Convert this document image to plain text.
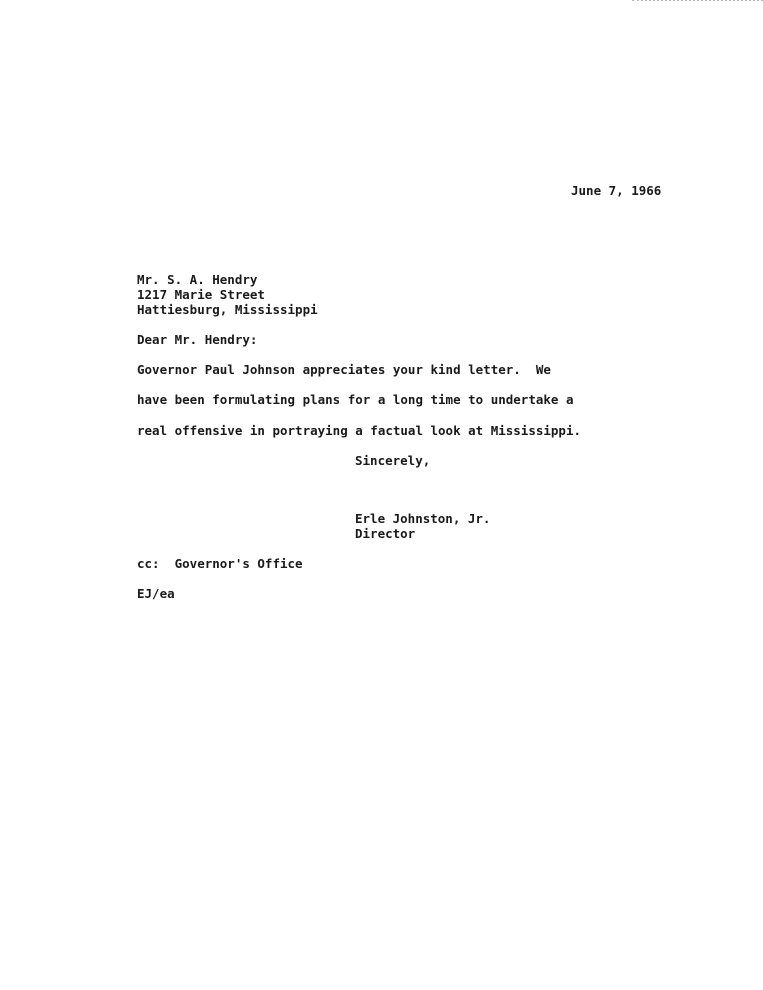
June 7, 1966
Mr. S. A. Hendry
1217 Marie Street
Hattiesburg, Mississippi
Dear Mr. Hendry:
Governor Paul Johnson appreciates your kind letter.  We
have been formulating plans for a long time to undertake a
real offensive in portraying a factual look at Mississippi.
Sincerely,
Erle Johnston, Jr.
Director
cc:  Governor's Office
EJ/ea
